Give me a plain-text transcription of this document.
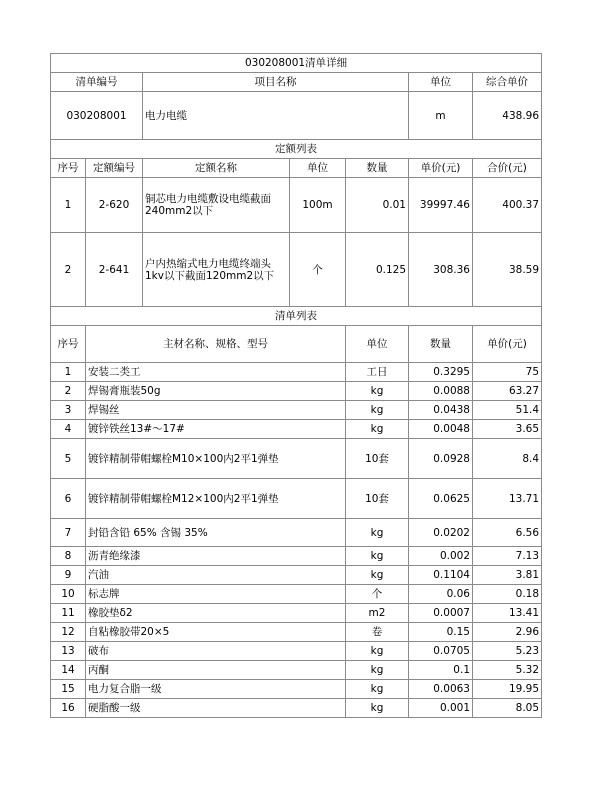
030208001清单详细							
清单编号		项目名称			单位	综合单价	
030208001		电力电缆			m	438.96	
定额列表							
序号	定额编号	定额名称	单位	数量	单价(元)	合价(元)	
1	2-620	铜芯电力电缆敷设电缆截面240mm2以下	100m	0.01	39997.46	400.37	
2	2-641	户内热缩式电力电缆终端头1kv以下截面120mm2以下	个	0.125	308.36	38.59	
清单列表							
序号	主材名称、规格、型号			单位	数量	单价(元)	
1	安装二类工			工日	0.3295	75	
2	焊锡膏瓶装50g			kg	0.0088	63.27	
3	焊锡丝			kg	0.0438	51.4	
4	镀锌铁丝13#～17#			kg	0.0048	3.65	
5	镀锌精制带帽螺栓M10×100内2平1弹垫			10套	0.0928	8.4	
6	镀锌精制带帽螺栓M12×100内2平1弹垫			10套	0.0625	13.71	
7	封铅含铅 65% 含锡 35%			kg	0.0202	6.56	
8	沥青绝缘漆			kg	0.002	7.13	
9	汽油			kg	0.1104	3.81	
10	标志牌			个	0.06	0.18	
11	橡胶垫δ2			m2	0.0007	13.41	
12	自粘橡胶带20×5			卷	0.15	2.96	
13	破布			kg	0.0705	5.23	
14	丙酮			kg	0.1	5.32	
15	电力复合脂一级			kg	0.0063	19.95	
16	硬脂酸一级			kg	0.001	8.05	
